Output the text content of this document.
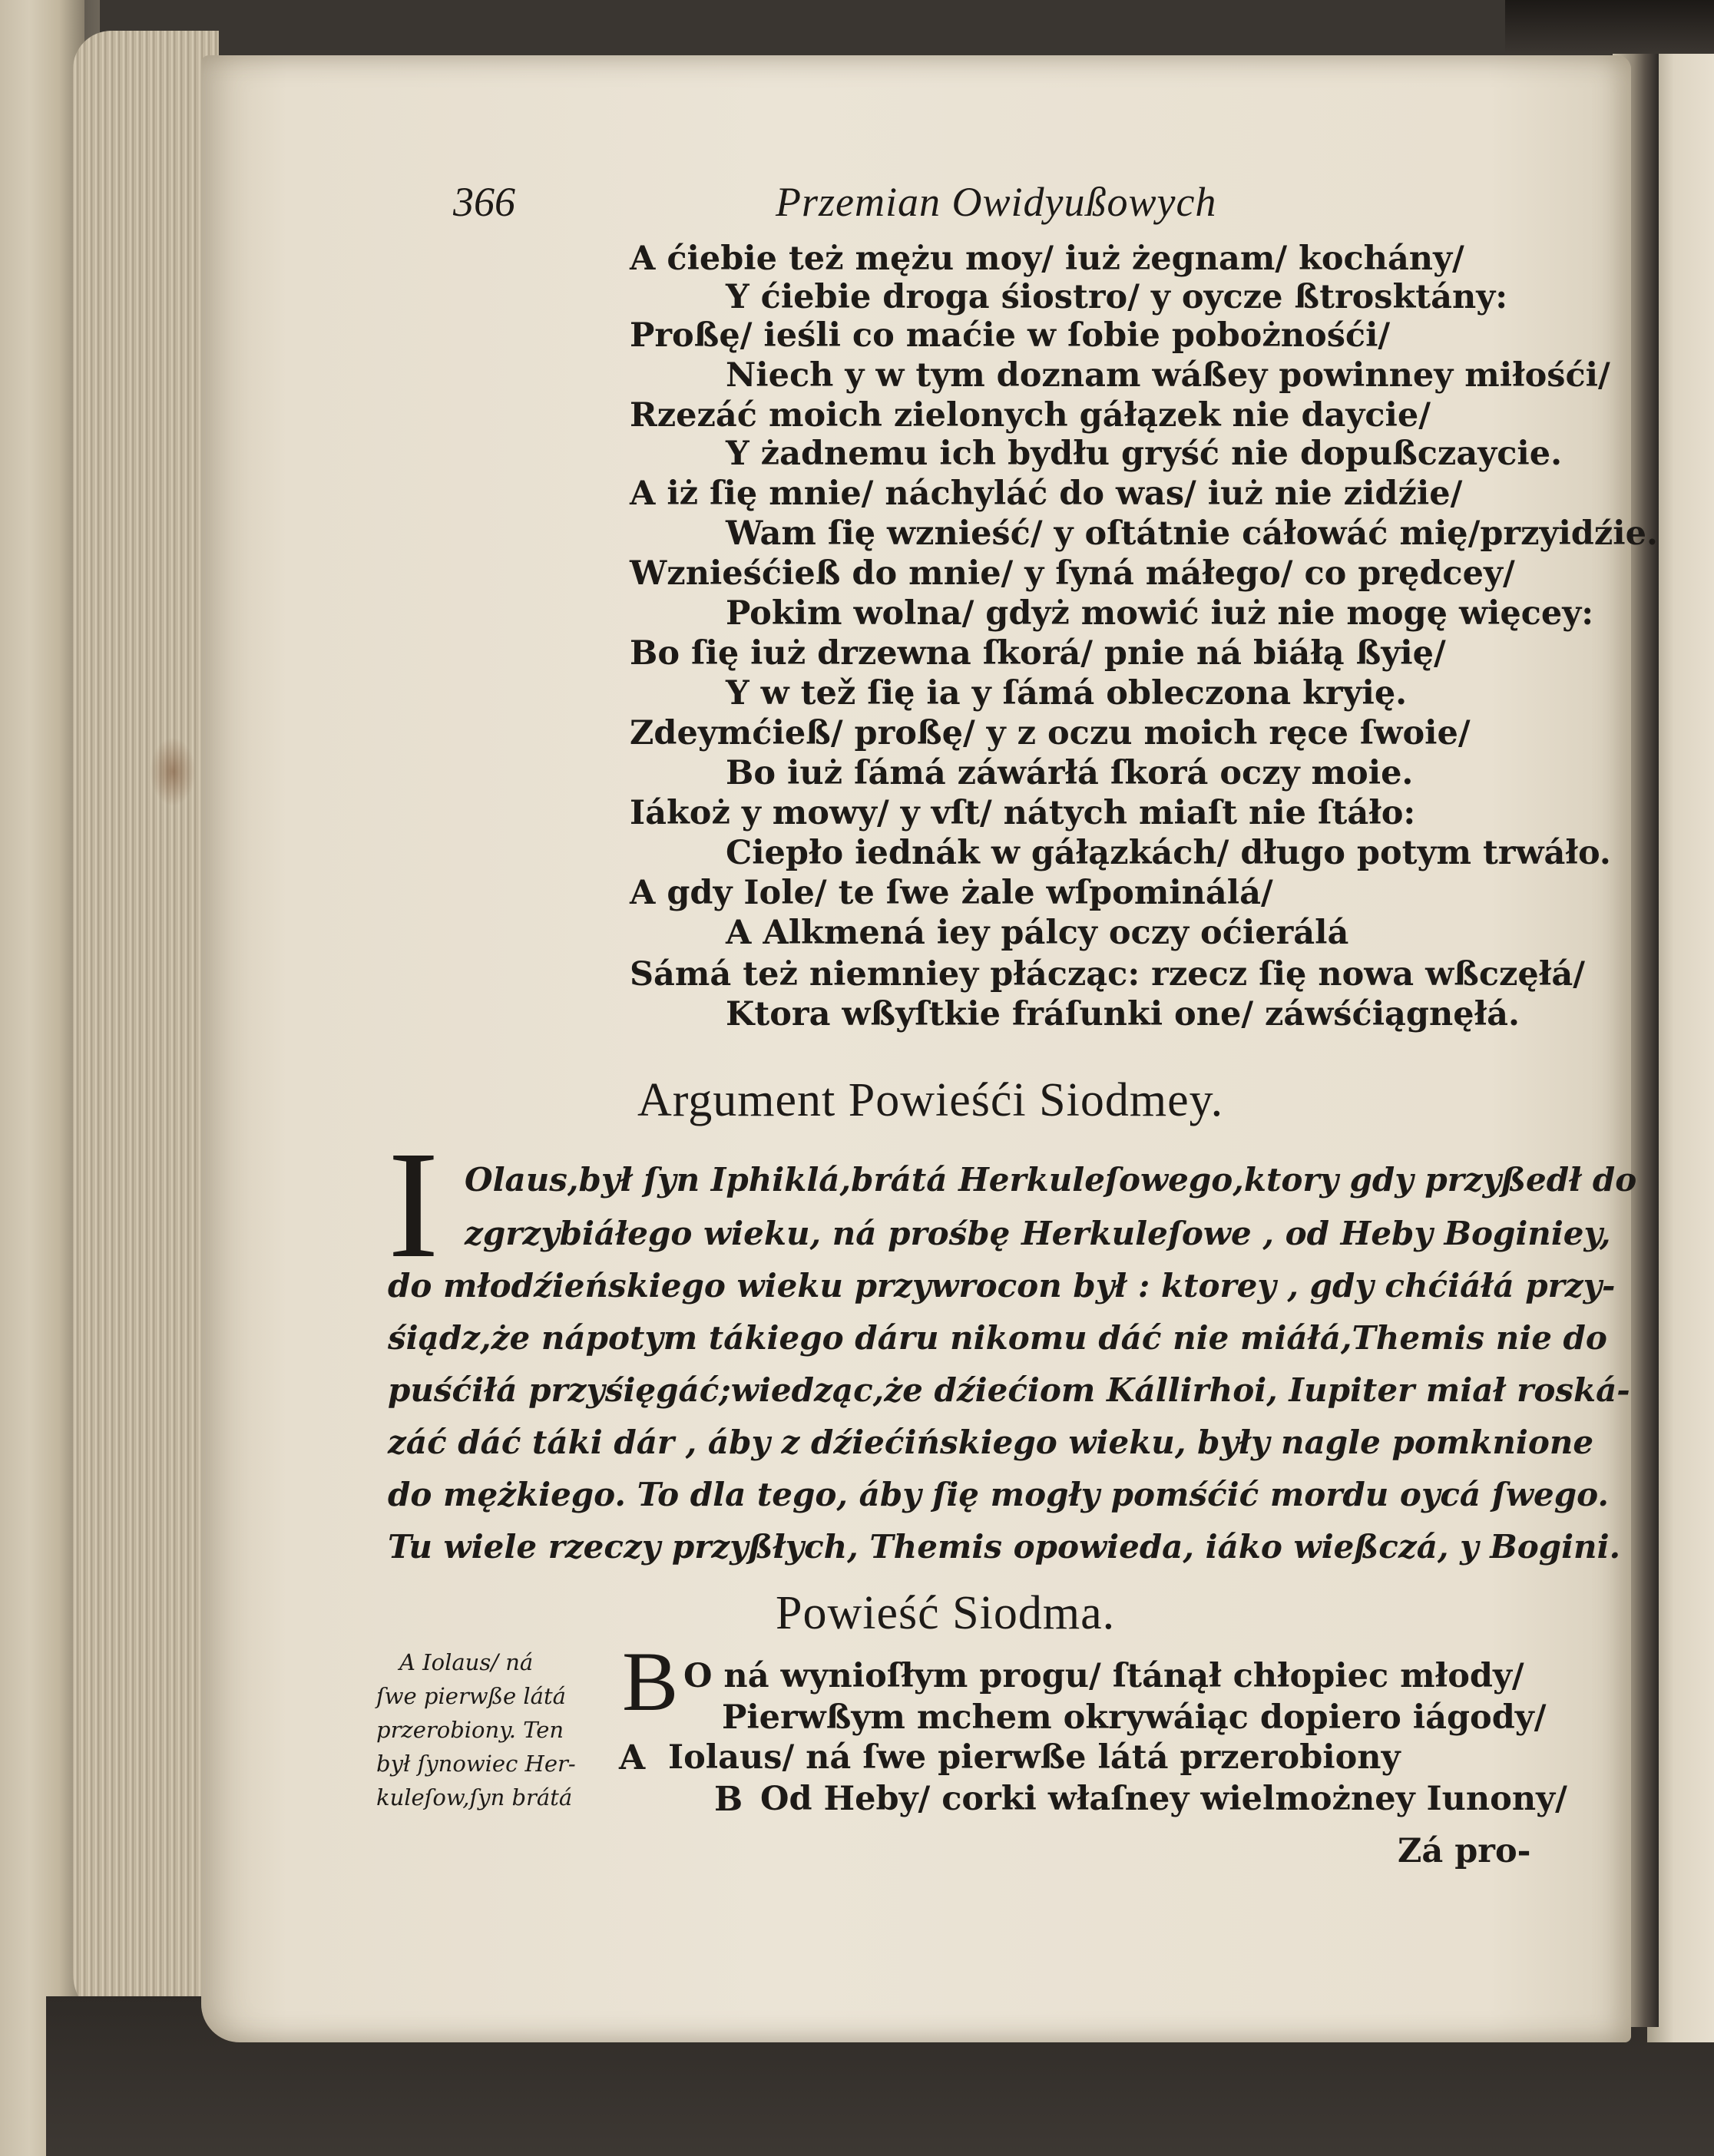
366	Przemian Owidyußowych
A ćiebie też mężu moy/ iuż żegnam/ kochány/
Y ćiebie droga śiostro/ y oycze ßtrosktány:
Proßę/ ieśli co maćie w ſobie pobożnośći/
Niech y w tym doznam wáßey powinney miłośći/
Rzezáć moich zielonych gáłązek nie daycie/
Y żadnemu ich bydłu gryść nie dopußczaycie.
A iż ſię mnie/ náchyláć do was/ iuż nie zidźie/
Wam ſię wznieść/ y oſtátnie cáłowáć mię/przyidźie.
Wznieśćieß do mnie/ y ſyná máłego/ co prędcey/
Pokim wolna/ gdyż mowić iuż nie mogę więcey:
Bo ſię iuż drzewna ſkorá/ pnie ná biáłą ßyię/
Y w tež ſię ia y ſámá obleczona kryię.
Zdeymćieß/ proßę/ y z oczu moich ręce ſwoie/
Bo iuż ſámá záwárłá ſkorá oczy moie.
Iákoż y mowy/ y vſt/ nátych miaſt nie ſtáło:
Ciepło iednák w gáłązkách/ długo potym trwáło.
A gdy Iole/ te ſwe żale wſpominálá/
A Alkmená iey pálcy oczy oćierálá
Sámá też niemniey płácząc: rzecz ſię nowa wßczęłá/
Ktora wßyſtkie fráſunki one/ záwśćiągnęłá.
Argument Powieśći Siodmey.
I Olaus,był ſyn Iphiklá,brátá Herkuleſowego,ktory gdy przyßedł do
zgrzybiáłego wieku, ná prośbę Herkuleſowe , od Heby Boginiey,
do młodźieńskiego wieku przywrocon był : ktorey , gdy chćiáłá przy-
śiądz,że nápotym tákiego dáru nikomu dáć nie miáłá,Themis nie do
puśćiłá przyśięgáć;wiedząc,że dźiećiom Kállirhoi, Iupiter miał roská-
záć dáć táki dár , áby z dźiećińskiego wieku, były nagle pomknione
do mężkiego. To dla tego, áby ſię mogły pomśćić mordu oycá ſwego.
Tu wiele rzeczy przyßłych, Themis opowieda, iáko wießczá, y Bogini.
Powieść Siodma.
A Iolaus/ ná
ſwe pierwße látá
przerobiony. Ten
był ſynowiec Her-
kuleſow,ſyn brátá
B O ná wynioſłym progu/ ſtánął chłopiec młody/
Pierwßym mchem okrywáiąc dopiero iágody/
A Iolaus/ ná ſwe pierwße látá przerobiony
B Od Heby/ corki właſney wielmożney Iunony/
Zá pro-
